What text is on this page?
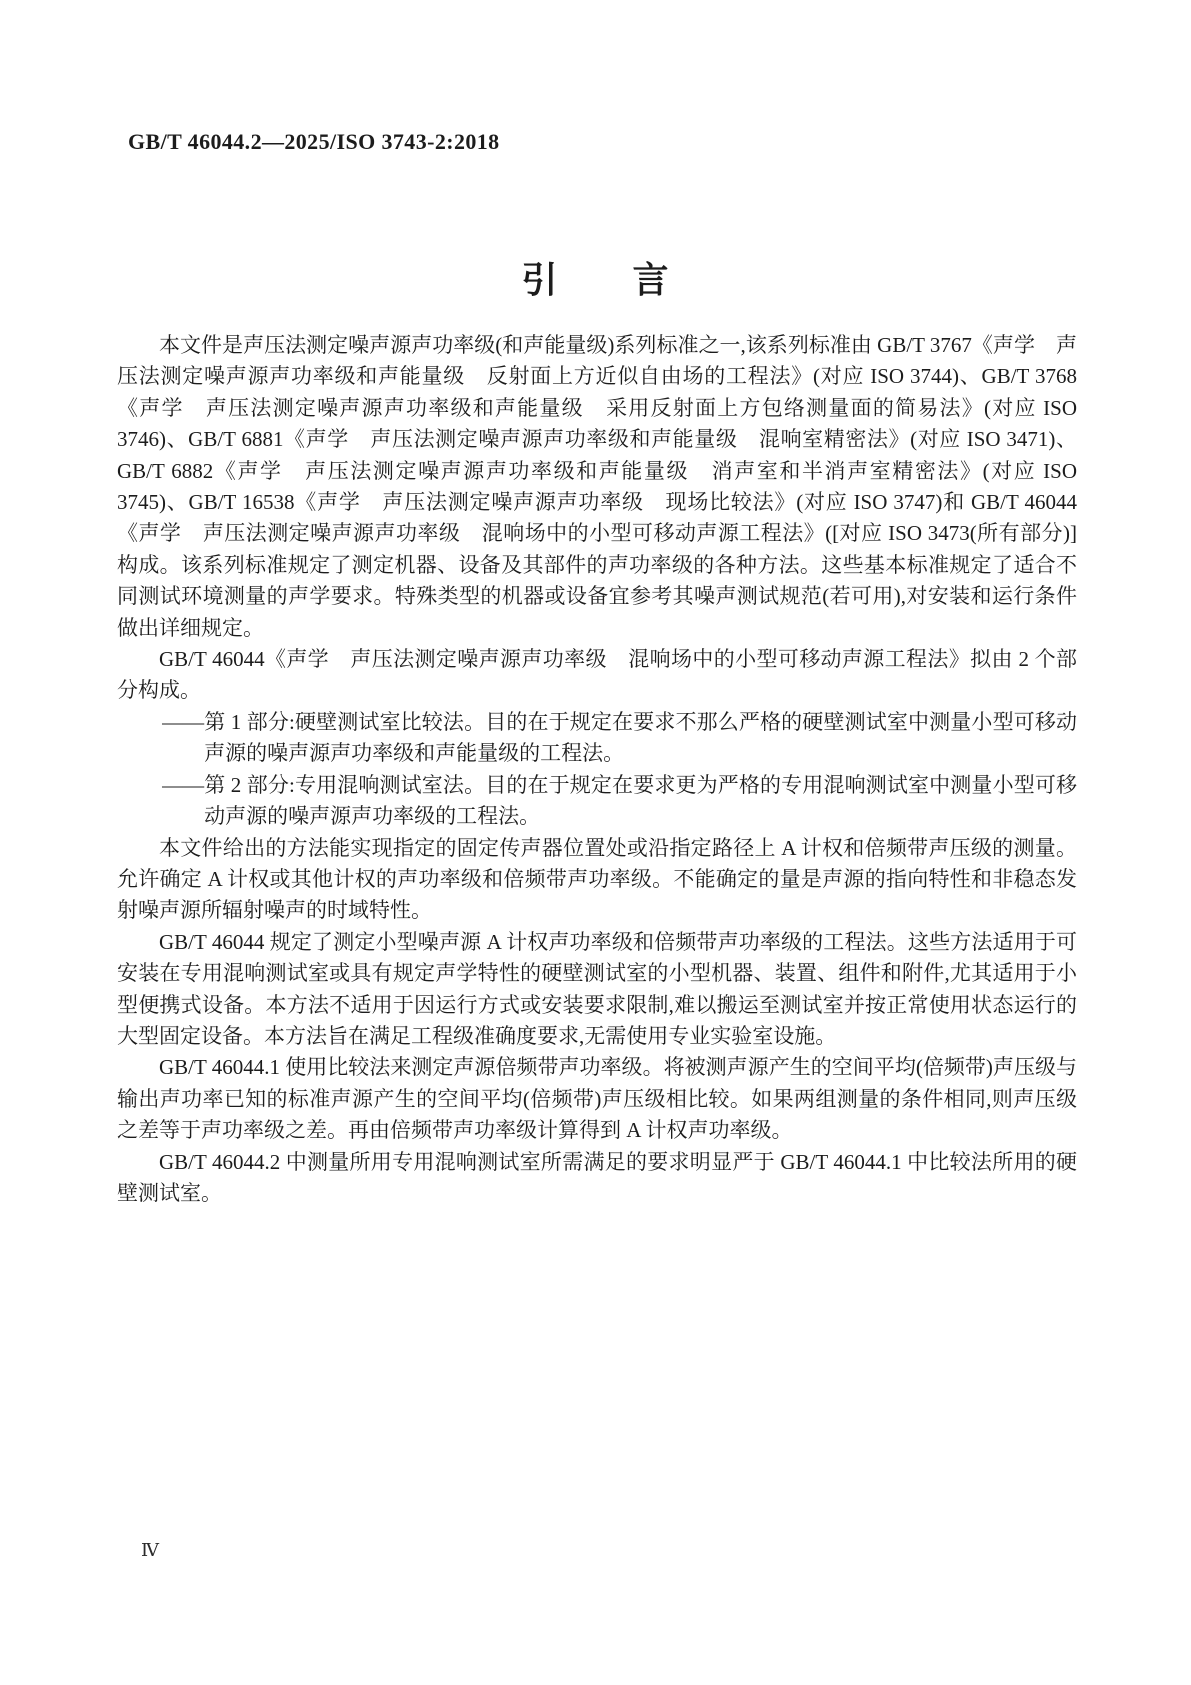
GB/T 46044.2—2025/ISO 3743-2:2018
引　　言

本文件是声压法测定噪声源声功率级(和声能量级)系列标准之一,该系列标准由 GB/T 3767《声学　声压法测定噪声源声功率级和声能量级　反射面上方近似自由场的工程法》(对应 ISO 3744)、GB/T 3768《声学　声压法测定噪声源声功率级和声能量级　采用反射面上方包络测量面的简易法》(对应 ISO 3746)、GB/T 6881《声学　声压法测定噪声源声功率级和声能量级　混响室精密法》(对应 ISO 3471)、GB/T 6882《声学　声压法测定噪声源声功率级和声能量级　消声室和半消声室精密法》(对应 ISO 3745)、GB/T 16538《声学　声压法测定噪声源声功率级　现场比较法》(对应 ISO 3747)和 GB/T 46044《声学　声压法测定噪声源声功率级　混响场中的小型可移动声源工程法》([对应 ISO 3473(所有部分)]构成。该系列标准规定了测定机器、设备及其部件的声功率级的各种方法。这些基本标准规定了适合不同测试环境测量的声学要求。特殊类型的机器或设备宜参考其噪声测试规范(若可用),对安装和运行条件做出详细规定。

GB/T 46044《声学　声压法测定噪声源声功率级　混响场中的小型可移动声源工程法》拟由 2 个部分构成。

——第 1 部分:硬壁测试室比较法。目的在于规定在要求不那么严格的硬壁测试室中测量小型可移动声源的噪声源声功率级和声能量级的工程法。

——第 2 部分:专用混响测试室法。目的在于规定在要求更为严格的专用混响测试室中测量小型可移动声源的噪声源声功率级的工程法。

本文件给出的方法能实现指定的固定传声器位置处或沿指定路径上 A 计权和倍频带声压级的测量。允许确定 A 计权或其他计权的声功率级和倍频带声功率级。不能确定的量是声源的指向特性和非稳态发射噪声源所辐射噪声的时域特性。

GB/T 46044 规定了测定小型噪声源 A 计权声功率级和倍频带声功率级的工程法。这些方法适用于可安装在专用混响测试室或具有规定声学特性的硬壁测试室的小型机器、装置、组件和附件,尤其适用于小型便携式设备。本方法不适用于因运行方式或安装要求限制,难以搬运至测试室并按正常使用状态运行的大型固定设备。本方法旨在满足工程级准确度要求,无需使用专业实验室设施。

GB/T 46044.1 使用比较法来测定声源倍频带声功率级。将被测声源产生的空间平均(倍频带)声压级与输出声功率已知的标准声源产生的空间平均(倍频带)声压级相比较。如果两组测量的条件相同,则声压级之差等于声功率级之差。再由倍频带声功率级计算得到 A 计权声功率级。

GB/T 46044.2 中测量所用专用混响测试室所需满足的要求明显严于 GB/T 46044.1 中比较法所用的硬壁测试室。

Ⅳ
